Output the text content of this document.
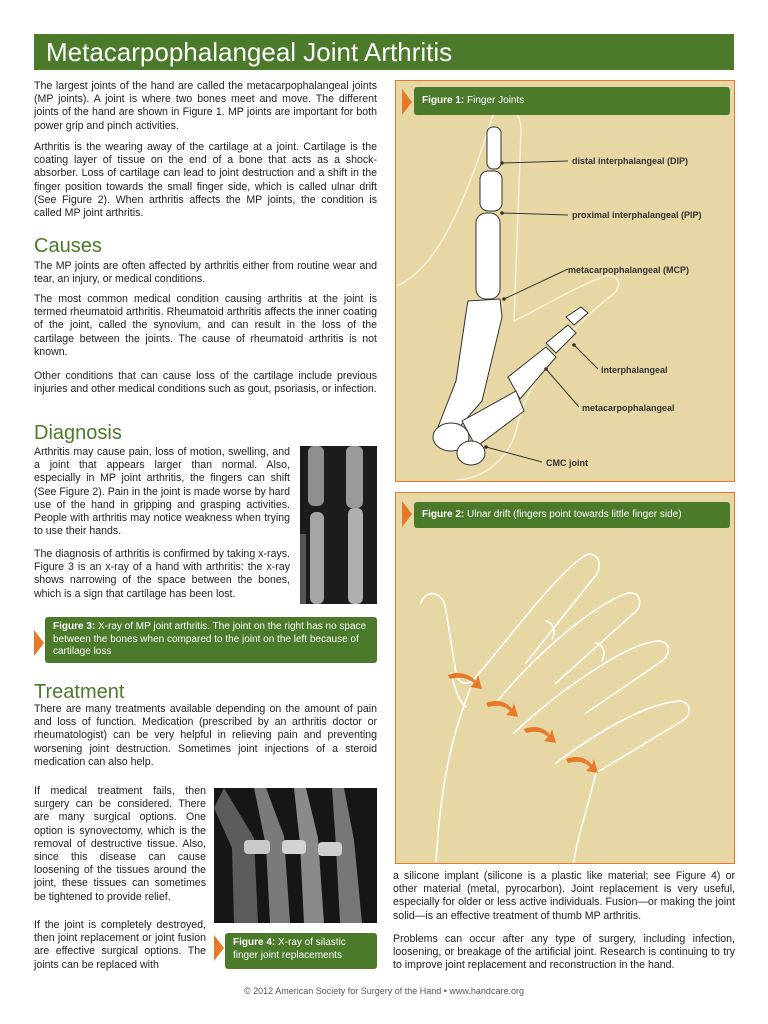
Metacarpophalangeal Joint Arthritis

The largest joints of the hand are called the metacarpophalangeal joints (MP joints). A joint is where two bones meet and move. The different joints of the hand are shown in Figure 1. MP joints are important for both power grip and pinch activities.

Arthritis is the wearing away of the cartilage at a joint. Cartilage is the coating layer of tissue on the end of a bone that acts as a shock-absorber. Loss of cartilage can lead to joint destruction and a shift in the finger position towards the small finger side, which is called ulnar drift (See Figure 2). When arthritis affects the MP joints, the condition is called MP joint arthritis.

Causes

The MP joints are often affected by arthritis either from routine wear and tear, an injury, or medical conditions.

The most common medical condition causing arthritis at the joint is termed rheumatoid arthritis. Rheumatoid arthritis affects the inner coating of the joint, called the synovium, and can result in the loss of the cartilage between the joints. The cause of rheumatoid arthritis is not known.

Other conditions that can cause loss of the cartilage include previous injuries and other medical conditions such as gout, psoriasis, or infection.

Diagnosis

Arthritis may cause pain, loss of motion, swelling, and a joint that appears larger than normal. Also, especially in MP joint arthritis, the fingers can shift (See Figure 2). Pain in the joint is made worse by hard use of the hand in gripping and grasping activities. People with arthritis may notice weakness when trying to use their hands.

The diagnosis of arthritis is confirmed by taking x-rays. Figure 3 is an x-ray of a hand with arthritis: the x-ray shows narrowing of the space between the bones, which is a sign that cartilage has been lost.

Figure 3: X-ray of MP joint arthritis. The joint on the right has no space between the bones when compared to the joint on the left because of cartilage loss
Treatment

There are many treatments available depending on the amount of pain and loss of function. Medication (prescribed by an arthritis doctor or rheumatologist) can be very helpful in relieving pain and preventing worsening joint destruction. Sometimes joint injections of a steroid medication can also help.

If medical treatment fails, then surgery can be considered. There are many surgical options. One option is synovectomy, which is the removal of destructive tissue. Also, since this disease can cause loosening of the tissues around the joint, these tissues can sometimes be tightened to provide relief.

If the joint is completely destroyed, then joint replacement or joint fusion are effective surgical options. The joints can be replaced with

Figure 4: X-ray of silastic finger joint replacements
Figure 1: Finger Joints
distal interphalangeal (DIP)
proximal interphalangeal (PIP)
metacarpophalangeal (MCP)
interphalangeal
metacarpophalangeal
CMC joint
Figure 2: Ulnar drift (fingers point towards little finger side)

a silicone implant (silicone is a plastic like material; see Figure 4) or other material (metal, pyrocarbon). Joint replacement is very useful, especially for older or less active individuals. Fusion—or making the joint solid—is an effective treatment of thumb MP arthritis.

Problems can occur after any type of surgery, including infection, loosening, or breakage of the artificial joint. Research is continuing to try to improve joint replacement and reconstruction in the hand.

© 2012 American Society for Surgery of the Hand • www.handcare.org
